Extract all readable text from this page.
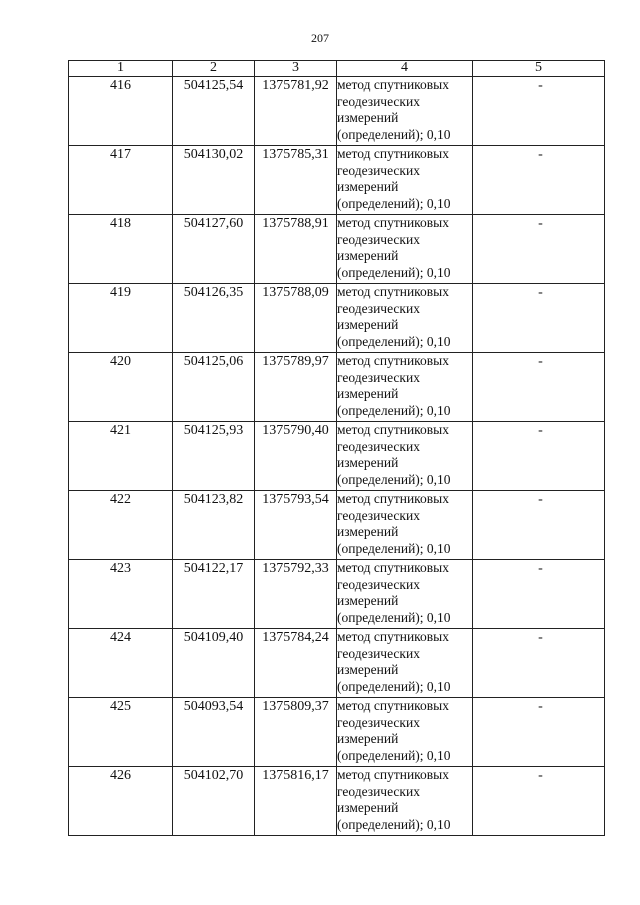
207
1	2	3	4	5
416	504125,54	1375781,92	метод спутниковых геодезических измерений (определений); 0,10	-
417	504130,02	1375785,31	метод спутниковых геодезических измерений (определений); 0,10	-
418	504127,60	1375788,91	метод спутниковых геодезических измерений (определений); 0,10	-
419	504126,35	1375788,09	метод спутниковых геодезических измерений (определений); 0,10	-
420	504125,06	1375789,97	метод спутниковых геодезических измерений (определений); 0,10	-
421	504125,93	1375790,40	метод спутниковых геодезических измерений (определений); 0,10	-
422	504123,82	1375793,54	метод спутниковых геодезических измерений (определений); 0,10	-
423	504122,17	1375792,33	метод спутниковых геодезических измерений (определений); 0,10	-
424	504109,40	1375784,24	метод спутниковых геодезических измерений (определений); 0,10	-
425	504093,54	1375809,37	метод спутниковых геодезических измерений (определений); 0,10	-
426	504102,70	1375816,17	метод спутниковых геодезических измерений (определений); 0,10	-
